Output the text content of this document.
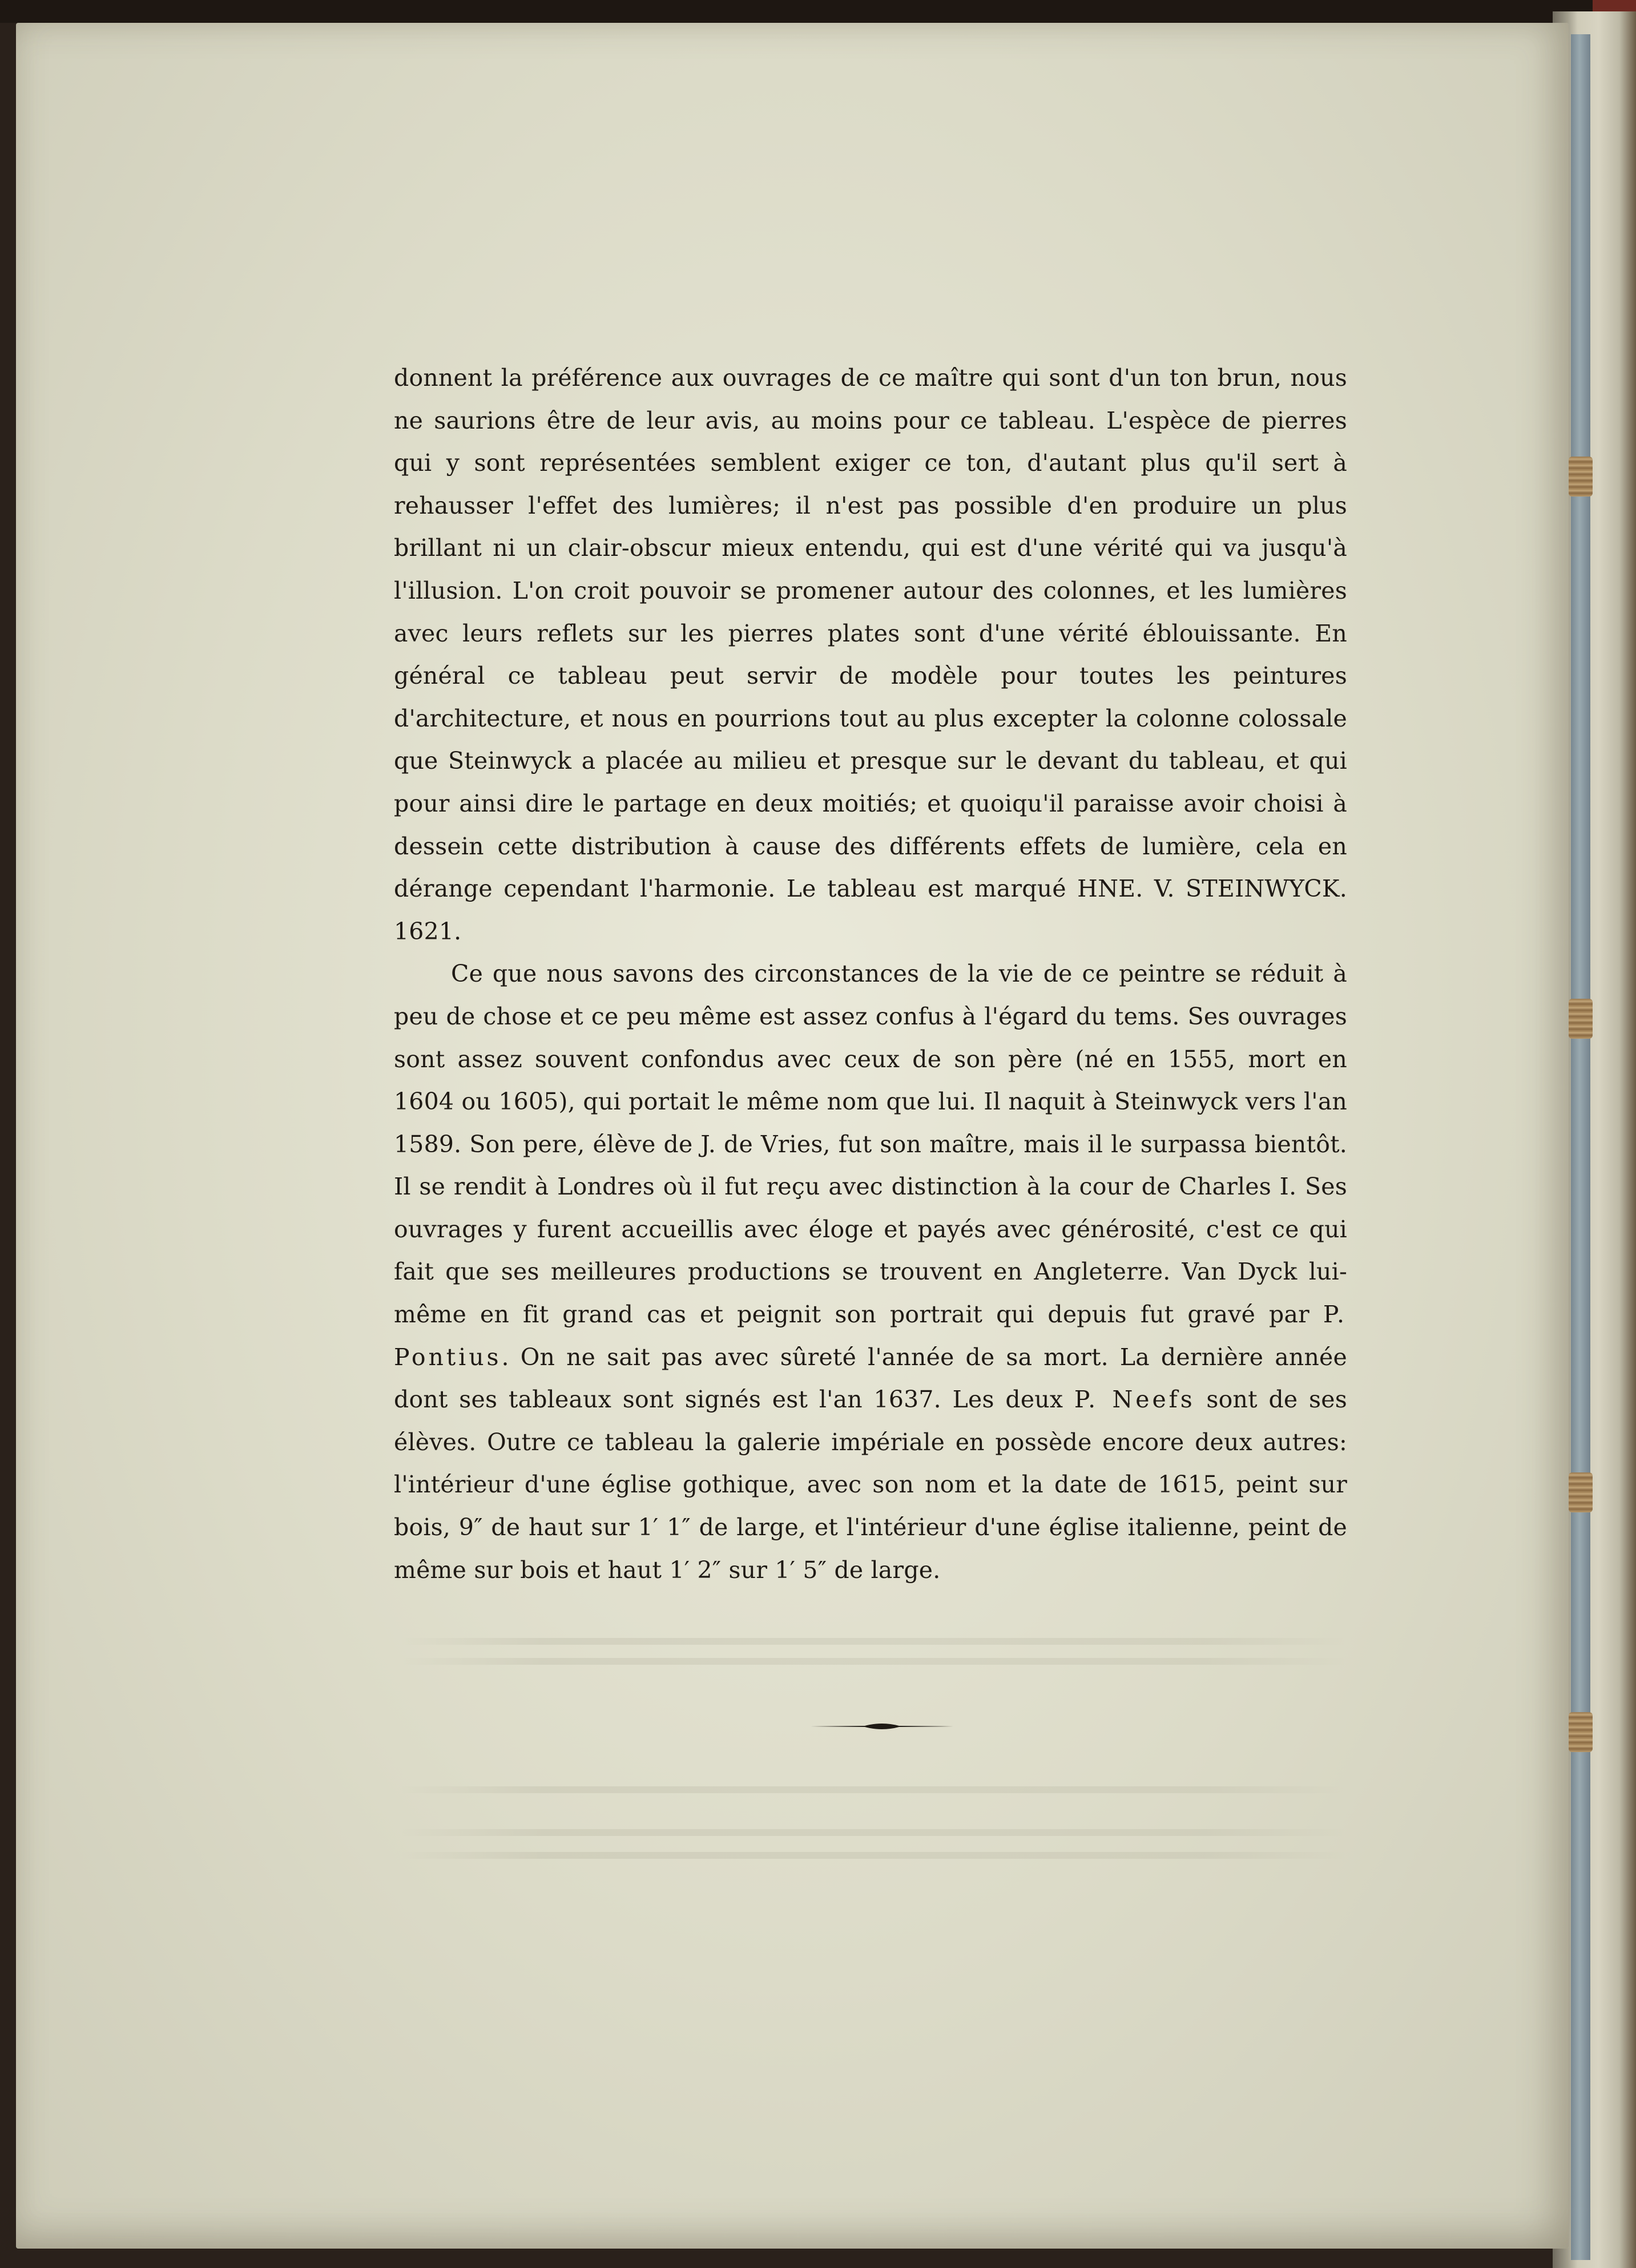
donnent la préférence aux ouvrages de ce maître qui sont d'un ton brun, nous ne saurions être de leur avis, au moins pour ce tableau. L'espèce de pierres qui y sont représentées semblent exiger ce ton, d'autant plus qu'il sert à rehausser l'effet des lumières; il n'est pas possible d'en produire un plus brillant ni un clair-obscur mieux entendu, qui est d'une vérité qui va jusqu'à l'illusion. L'on croit pouvoir se promener autour des colonnes, et les lumières avec leurs reflets sur les pierres plates sont d'une vérité éblouissante. En général ce tableau peut servir de modèle pour toutes les peintures d'architecture, et nous en pourrions tout au plus excepter la colonne colossale que Steinwyck a placée au milieu et presque sur le devant du tableau, et qui pour ainsi dire le partage en deux moitiés; et quoiqu'il paraisse avoir choisi à dessein cette distribution à cause des différents effets de lumière, cela en dérange cependant l'harmonie. Le tableau est marqué HNE. V. STEINWYCK. 1621.

Ce que nous savons des circonstances de la vie de ce peintre se réduit à peu de chose et ce peu même est assez confus à l'égard du tems. Ses ouvrages sont assez souvent confondus avec ceux de son père (né en 1555, mort en 1604 ou 1605), qui portait le même nom que lui. Il naquit à Steinwyck vers l'an 1589. Son pere, élève de J. de Vries, fut son maître, mais il le surpassa bientôt. Il se rendit à Londres où il fut reçu avec distinction à la cour de Charles I. Ses ouvrages y furent accueillis avec éloge et payés avec générosité, c'est ce qui fait que ses meilleures productions se trouvent en Angleterre. Van Dyck lui-même en fit grand cas et peignit son portrait qui depuis fut gravé par P. Pontius. On ne sait pas avec sûreté l'année de sa mort. La dernière année dont ses tableaux sont signés est l'an 1637. Les deux P. Neefs sont de ses élèves. Outre ce tableau la galerie impériale en possède encore deux autres: l'intérieur d'une église gothique, avec son nom et la date de 1615, peint sur bois, 9″ de haut sur 1′ 1″ de large, et l'intérieur d'une église italienne, peint de même sur bois et haut 1′ 2″ sur 1′ 5″ de large.
